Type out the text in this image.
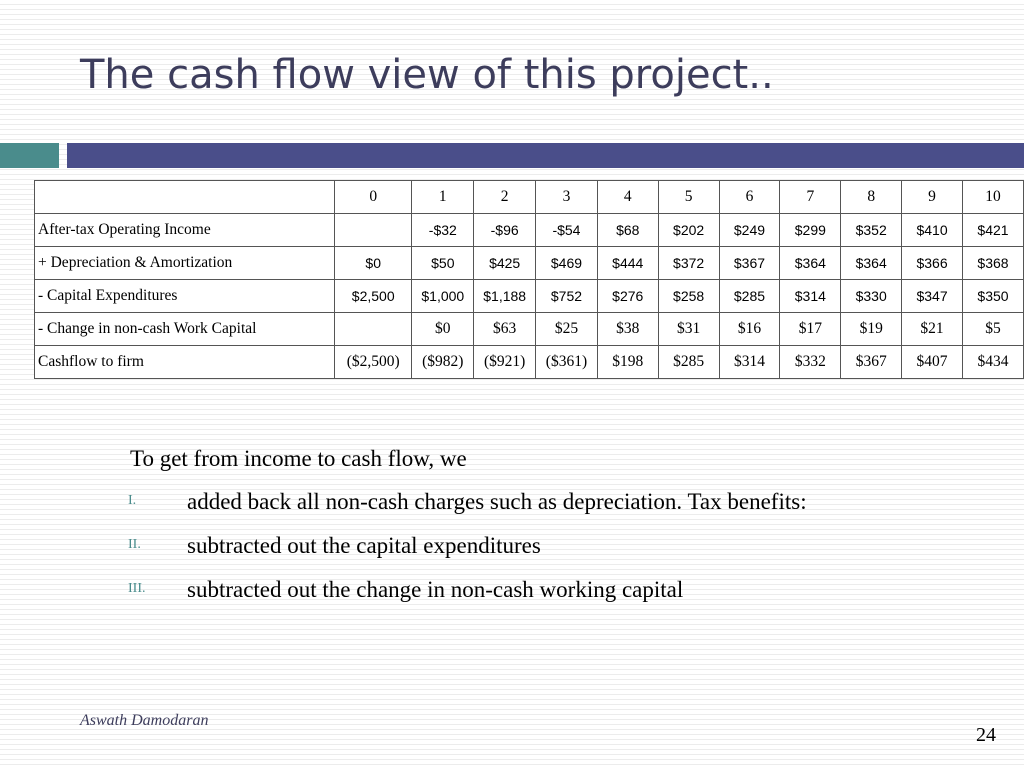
The cash flow view of this project..
	0	1	2	3	4	5	6	7	8	9	10
After-tax Operating Income		-$32	-$96	-$54	$68	$202	$249	$299	$352	$410	$421
+ Depreciation & Amortization	$0	$50	$425	$469	$444	$372	$367	$364	$364	$366	$368
- Capital Expenditures	$2,500	$1,000	$1,188	$752	$276	$258	$285	$314	$330	$347	$350
- Change in non-cash Work Capital		$0	$63	$25	$38	$31	$16	$17	$19	$21	$5
Cashflow to firm	($2,500)	($982)	($921)	($361)	$198	$285	$314	$332	$367	$407	$434
To get from income to cash flow, we
I.	added back all non-cash charges such as depreciation. Tax benefits:
II.	subtracted out the capital expenditures
III.	subtracted out the change in non-cash working capital
Aswath Damodaran
24
